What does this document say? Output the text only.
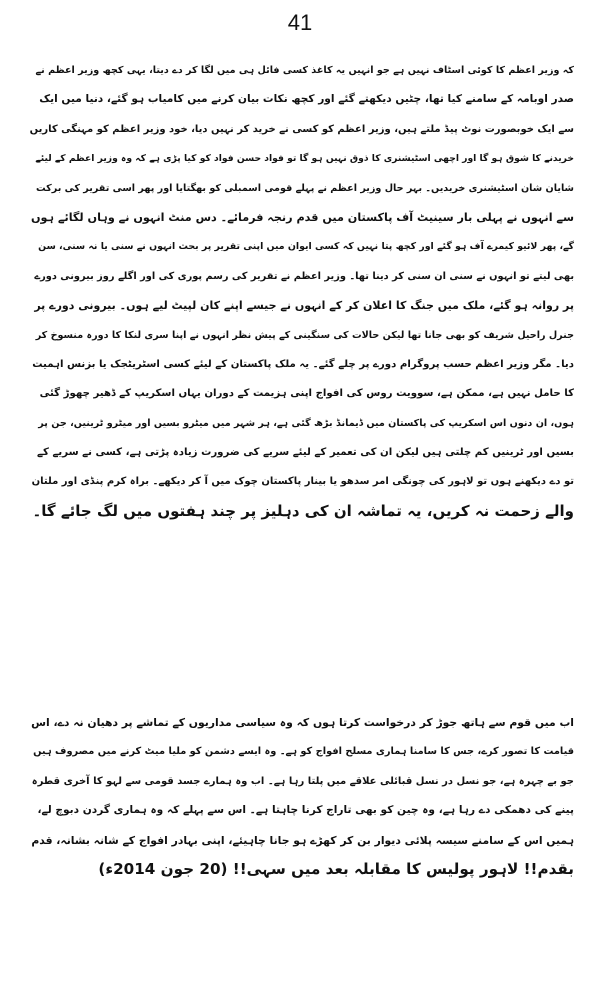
41
کہ وزیر اعظم کا کوئی اسٹاف نہیں ہے جو انہیں یہ کاغذ کسی فائل ہی میں لگا کر دے دیتا، یہی کچھ وزیر اعظم نے
صدر اوبامہ کے سامنے کیا تھا، چٹیں دیکھتے گئے اور کچھ نکات بیان کرنے میں کامیاب ہو گئے، دنیا میں ایک
سے ایک خوبصورت نوٹ پیڈ ملتے ہیں، وزیر اعظم کو کسی نے خرید کر نہیں دیا، خود وزیر اعظم کو مہنگی کاریں
خریدنے کا شوق ہو گا اور اچھی اسٹیشنری کا ذوق نہیں ہو گا تو فواد حسن فواد کو کیا پڑی ہے کہ وہ وزیر اعظم کے لیئے
شایان شان اسٹیشنری خریدیں۔ بہر حال وزیر اعظم نے پہلے قومی اسمبلی کو بھگتایا اور پھر اسی تقریر کی برکت
سے انہوں نے پہلی بار سینیٹ آف پاکستان میں قدم رنجہ فرمائے۔ دس منٹ انہوں نے وہاں لگائے ہوں
گے، پھر لائیو کیمرے آف ہو گئے اور کچھ پتا نہیں کہ کسی ایوان میں اپنی تقریر پر بحث انہوں نے سنی یا نہ سنی، سن
بھی لیتے تو انہوں نے سنی ان سنی کر دینا تھا۔ وزیر اعظم نے تقریر کی رسم پوری کی اور اگلے روز بیرونی دورے
پر روانہ ہو گئے، ملک میں جنگ کا اعلان کر کے انہوں نے جیسے اپنے کان لپیٹ لیے ہوں۔ بیرونی دورے پر
جنرل راحیل شریف کو بھی جانا تھا لیکن حالات کی سنگینی کے پیش نظر انہوں نے اپنا سری لنکا کا دورہ منسوخ کر
دیا۔ مگر وزیر اعظم حسب پروگرام دورے پر چلے گئے۔ یہ ملک پاکستان کے لیئے کسی اسٹریٹجک یا بزنس اہمیت
کا حامل نہیں ہے، ممکن ہے، سوویت روس کی افواج اپنی ہزیمت کے دوران یہاں اسکریپ کے ڈھیر چھوڑ گئی
ہوں، ان دنوں اس اسکریپ کی پاکستان میں ڈیمانڈ بڑھ گئی ہے، ہر شہر میں میٹرو بسیں اور میٹرو ٹرینیں، جن پر
بسیں اور ٹرینیں کم چلتی ہیں لیکن ان کی تعمیر کے لیئے سریے کی ضرورت زیادہ پڑتی ہے، کسی نے سریے کے
تو دے دیکھنے ہوں تو لاہور کی چونگی امر سدھو یا بینار پاکستان چوک میں آ کر دیکھے۔ براہ کرم پنڈی اور ملتان
والے زحمت نہ کریں، یہ تماشہ ان کی دہلیز پر چند ہفتوں میں لگ جائے گا۔
اب میں قوم سے ہاتھ جوڑ کر درخواست کرتا ہوں کہ وہ سیاسی مداریوں کے تماشے پر دھیان نہ دے، اس
قیامت کا تصور کرے، جس کا سامنا ہماری مسلح افواج کو ہے۔ وہ ایسے دشمن کو ملیا میٹ کرنے میں مصروف ہیں
جو بے چہرہ ہے، جو نسل در نسل قبائلی علاقے میں پلتا رہا ہے۔ اب وہ ہمارے جسد قومی سے لہو کا آخری قطرہ
پینے کی دھمکی دے رہا ہے، وہ چین کو بھی تاراج کرنا چاہتا ہے۔ اس سے پہلے کہ وہ ہماری گردن دبوچ لے،
ہمیں اس کے سامنے سیسہ پلائی دیوار بن کر کھڑے ہو جانا چاہیئے، اپنی بہادر افواج کے شانہ بشانہ، قدم
بقدم!! لاہور پولیس کا مقابلہ بعد میں سہی!! (20 جون 2014ء)
